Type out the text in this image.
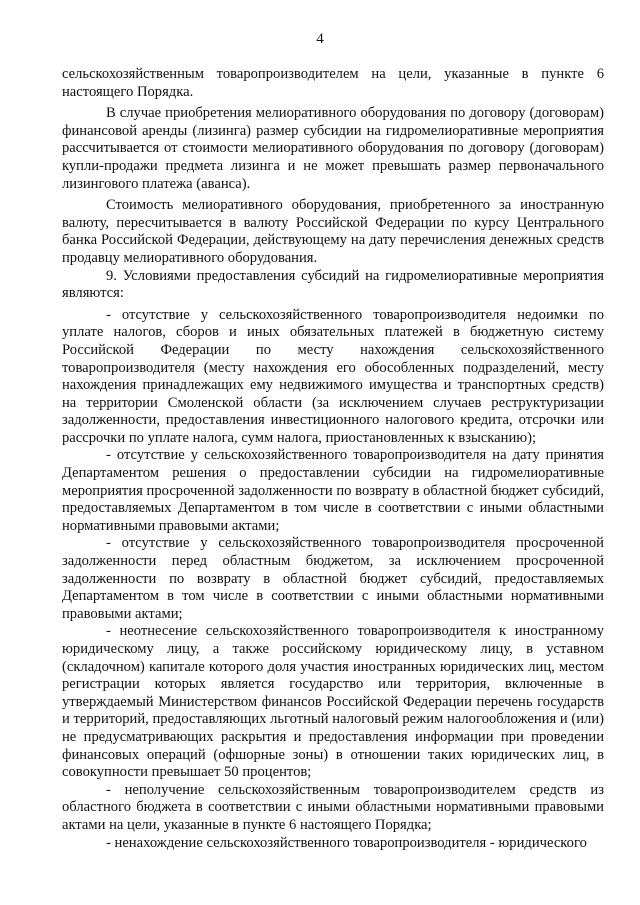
4

сельскохозяйственным товаропроизводителем на цели, указанные в пункте 6 настоящего Порядка.

В случае приобретения мелиоративного оборудования по договору (договорам) финансовой аренды (лизинга) размер субсидии на гидромелиоративные мероприятия рассчитывается от стоимости мелиоративного оборудования по договору (договорам) купли-продажи предмета лизинга и не может превышать размер первоначального лизингового платежа (аванса).

Стоимость мелиоративного оборудования, приобретенного за иностранную валюту, пересчитывается в валюту Российской Федерации по курсу Центрального банка Российской Федерации, действующему на дату перечисления денежных средств продавцу мелиоративного оборудования.

9. Условиями предоставления субсидий на гидромелиоративные мероприятия являются:

- отсутствие у сельскохозяйственного товаропроизводителя недоимки по уплате налогов, сборов и иных обязательных платежей в бюджетную систему Российской Федерации по месту нахождения сельскохозяйственного товаропроизводителя (месту нахождения его обособленных подразделений, месту нахождения принадлежащих ему недвижимого имущества и транспортных средств) на территории Смоленской области (за исключением случаев реструктуризации задолженности, предоставления инвестиционного налогового кредита, отсрочки или рассрочки по уплате налога, сумм налога, приостановленных к взысканию);

- отсутствие у сельскохозяйственного товаропроизводителя на дату принятия Департаментом решения о предоставлении субсидии на гидромелиоративные мероприятия просроченной задолженности по возврату в областной бюджет субсидий, предоставляемых Департаментом в том числе в соответствии с иными областными нормативными правовыми актами;

- отсутствие у сельскохозяйственного товаропроизводителя просроченной задолженности перед областным бюджетом, за исключением просроченной задолженности по возврату в областной бюджет субсидий, предоставляемых Департаментом в том числе в соответствии с иными областными нормативными правовыми актами;

- неотнесение сельскохозяйственного товаропроизводителя к иностранному юридическому лицу, а также российскому юридическому лицу, в уставном (складочном) капитале которого доля участия иностранных юридических лиц, местом регистрации которых является государство или территория, включенные в утверждаемый Министерством финансов Российской Федерации перечень государств и территорий, предоставляющих льготный налоговый режим налогообложения и (или) не предусматривающих раскрытия и предоставления информации при проведении финансовых операций (офшорные зоны) в отношении таких юридических лиц, в совокупности превышает 50 процентов;

- неполучение сельскохозяйственным товаропроизводителем средств из областного бюджета в соответствии с иными областными нормативными правовыми актами на цели, указанные в пункте 6 настоящего Порядка;

- ненахождение сельскохозяйственного товаропроизводителя - юридического
